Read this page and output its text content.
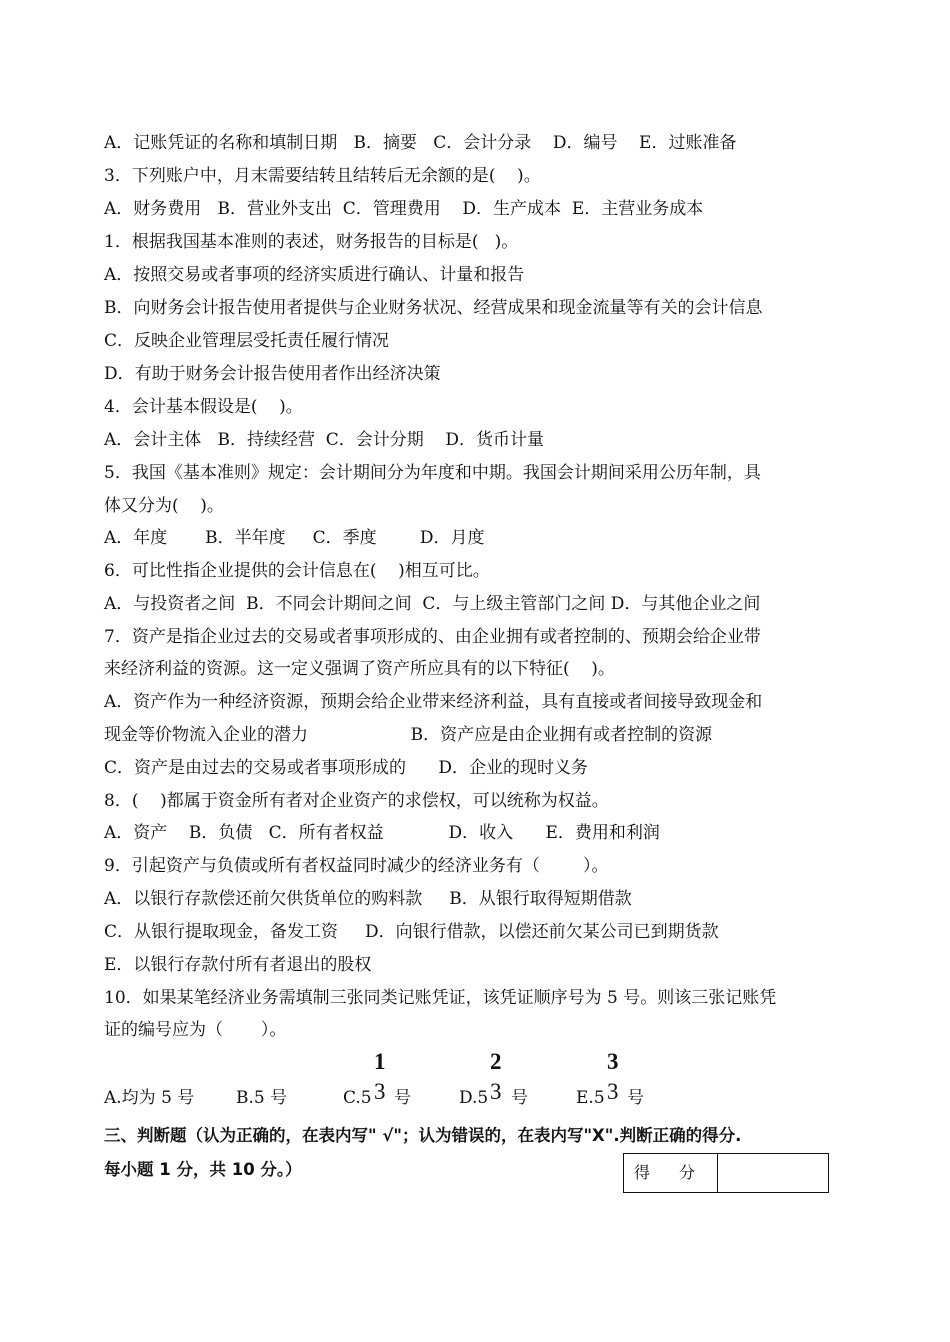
A．记账凭证的名称和填制日期   B．摘要   C．会计分录    D．编号    E．过账准备
3．下列账户中，月末需要结转且结转后无余额的是(    )。
A．财务费用   B．营业外支出  C．管理费用    D．生产成本  E．主营业务成本
1．根据我国基本准则的表述，财务报告的目标是(   )。
A．按照交易或者事项的经济实质进行确认、计量和报告
B．向财务会计报告使用者提供与企业财务状况、经营成果和现金流量等有关的会计信息
C．反映企业管理层受托责任履行情况
D．有助于财务会计报告使用者作出经济决策
4．会计基本假设是(    )。
A．会计主体   B．持续经营  C．会计分期    D．货币计量
5．我国《基本准则》规定：会计期间分为年度和中期。我国会计期间采用公历年制，具
体又分为(    )。
A．年度       B．半年度     C．季度        D．月度
6．可比性指企业提供的会计信息在(    )相互可比。
A．与投资者之间  B．不同会计期间之间  C．与上级主管部门之间 D．与其他企业之间
7．资产是指企业过去的交易或者事项形成的、由企业拥有或者控制的、预期会给企业带
来经济利益的资源。这一定义强调了资产所应具有的以下特征(    )。
A．资产作为一种经济资源，预期会给企业带来经济利益，具有直接或者间接导致现金和
现金等价物流入企业的潜力                   B．资产应是由企业拥有或者控制的资源
C．资产是由过去的交易或者事项形成的      D．企业的现时义务
8．(    )都属于资金所有者对企业资产的求偿权，可以统称为权益。
A．资产    B．负债   C．所有者权益            D．收入      E．费用和利润
9．引起资产与负债或所有者权益同时减少的经济业务有（        ）。
A．以银行存款偿还前欠供货单位的购料款     B．从银行取得短期借款
C．从银行提取现金，备发工资     D．向银行借款，以偿还前欠某公司已到期货款
E．以银行存款付所有者退出的股权
10．如果某笔经济业务需填制三张同类记账凭证，该凭证顺序号为 5 号。则该三张记账凭
证的编号应为（       ）。
A.均为 5 号 B.5 号	C.5
1
3 号	D.5
2
3 号	E.5
3
3 号
三、判断题（认为正确的，在表内写" √"；认为错误的，在表内写"X".判断正确的得分.
每小题 1 分，共 10 分。）	得 分
